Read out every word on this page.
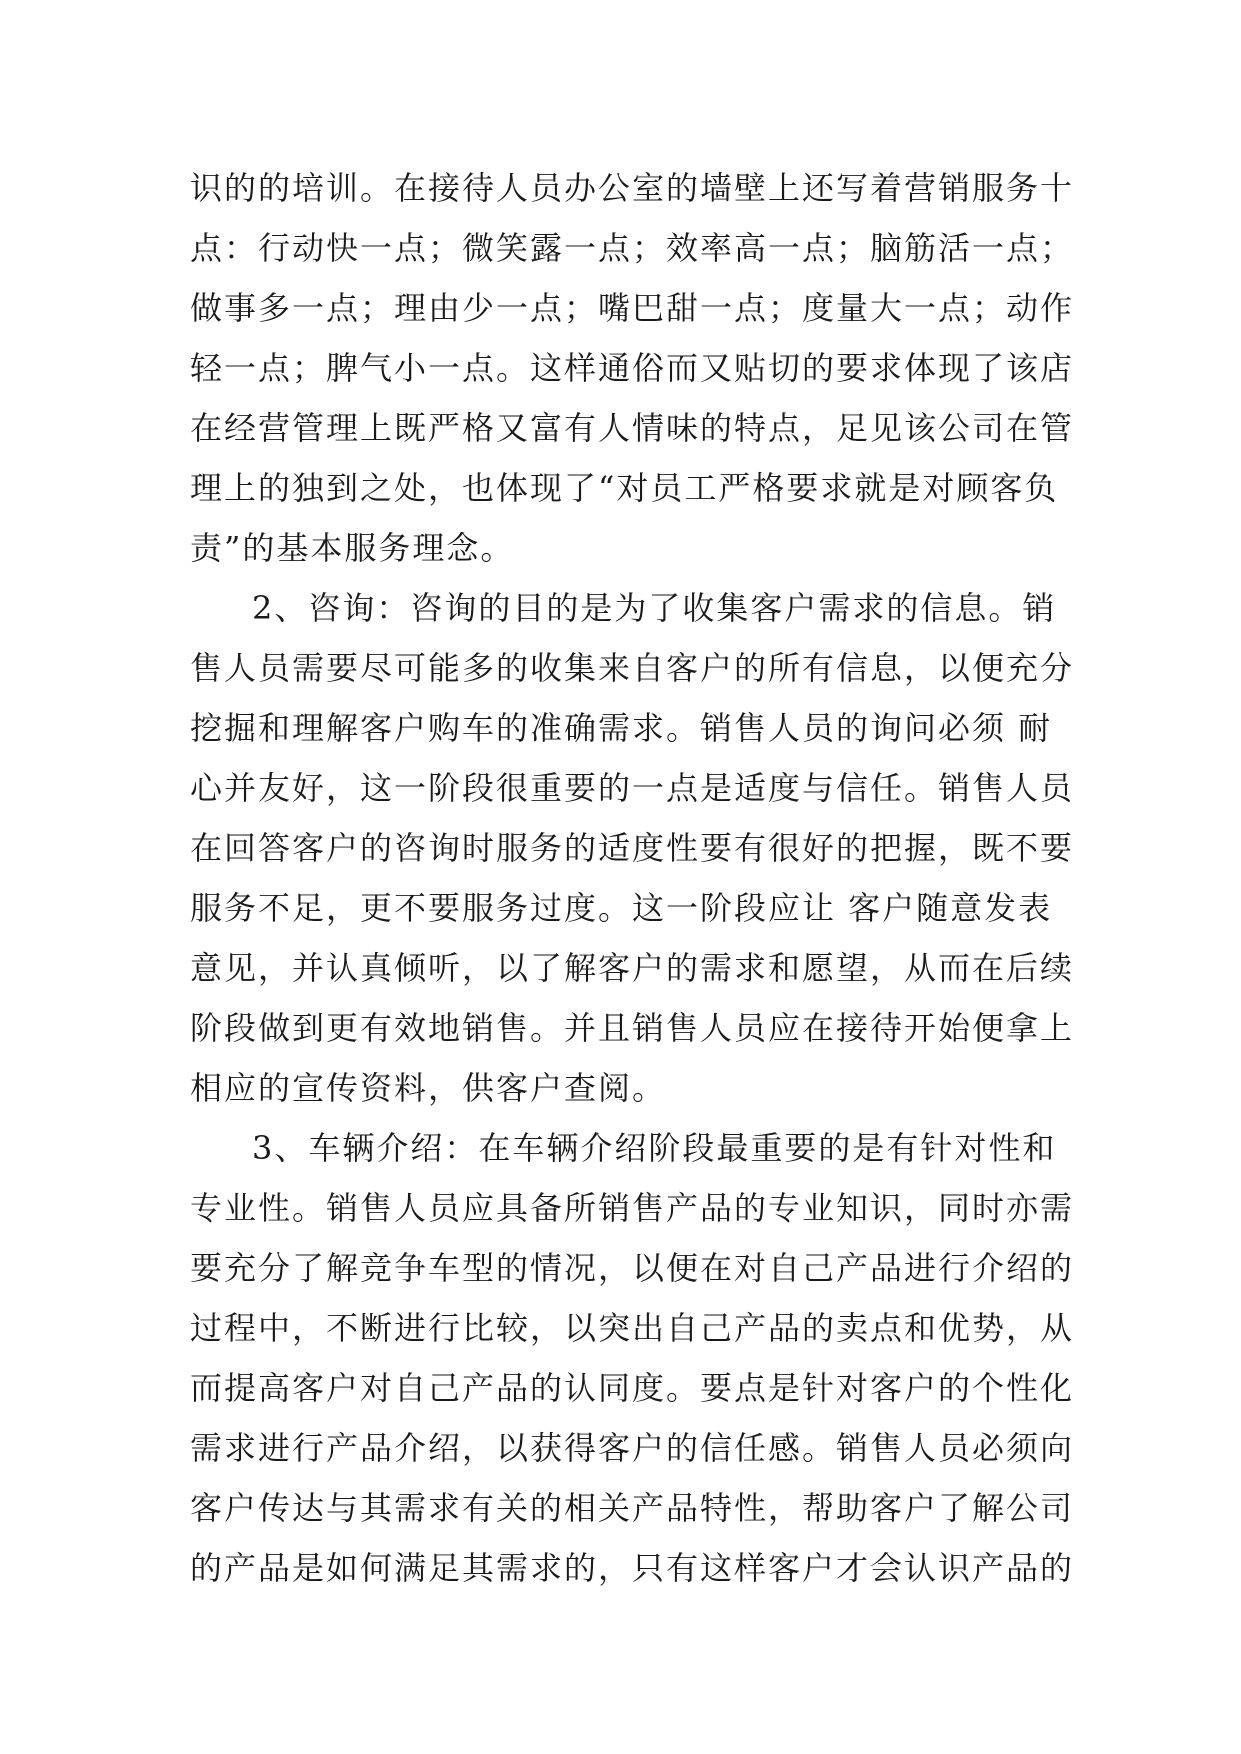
识的的培训。在接待人员办公室的墙壁上还写着营销服务十
点：行动快一点；微笑露一点；效率高一点；脑筋活一点；
做事多一点；理由少一点；嘴巴甜一点；度量大一点；动作
轻一点；脾气小一点。这样通俗而又贴切的要求体现了该店
在经营管理上既严格又富有人情味的特点，足见该公司在管
理上的独到之处，也体现了“对员工严格要求就是对顾客负
责”的基本服务理念。
2、咨询：咨询的目的是为了收集客户需求的信息。销
售人员需要尽可能多的收集来自客户的所有信息，以便充分
挖掘和理解客户购车的准确需求。销售人员的询问必须 耐
心并友好，这一阶段很重要的一点是适度与信任。销售人员
在回答客户的咨询时服务的适度性要有很好的把握，既不要
服务不足，更不要服务过度。这一阶段应让 客户随意发表
意见，并认真倾听，以了解客户的需求和愿望，从而在后续
阶段做到更有效地销售。并且销售人员应在接待开始便拿上
相应的宣传资料，供客户查阅。
3、车辆介绍：在车辆介绍阶段最重要的是有针对性和
专业性。销售人员应具备所销售产品的专业知识，同时亦需
要充分了解竞争车型的情况，以便在对自己产品进行介绍的
过程中，不断进行比较，以突出自己产品的卖点和优势，从
而提高客户对自己产品的认同度。要点是针对客户的个性化
需求进行产品介绍，以获得客户的信任感。销售人员必须向
客户传达与其需求有关的相关产品特性，帮助客户了解公司
的产品是如何满足其需求的，只有这样客户才会认识产品的
